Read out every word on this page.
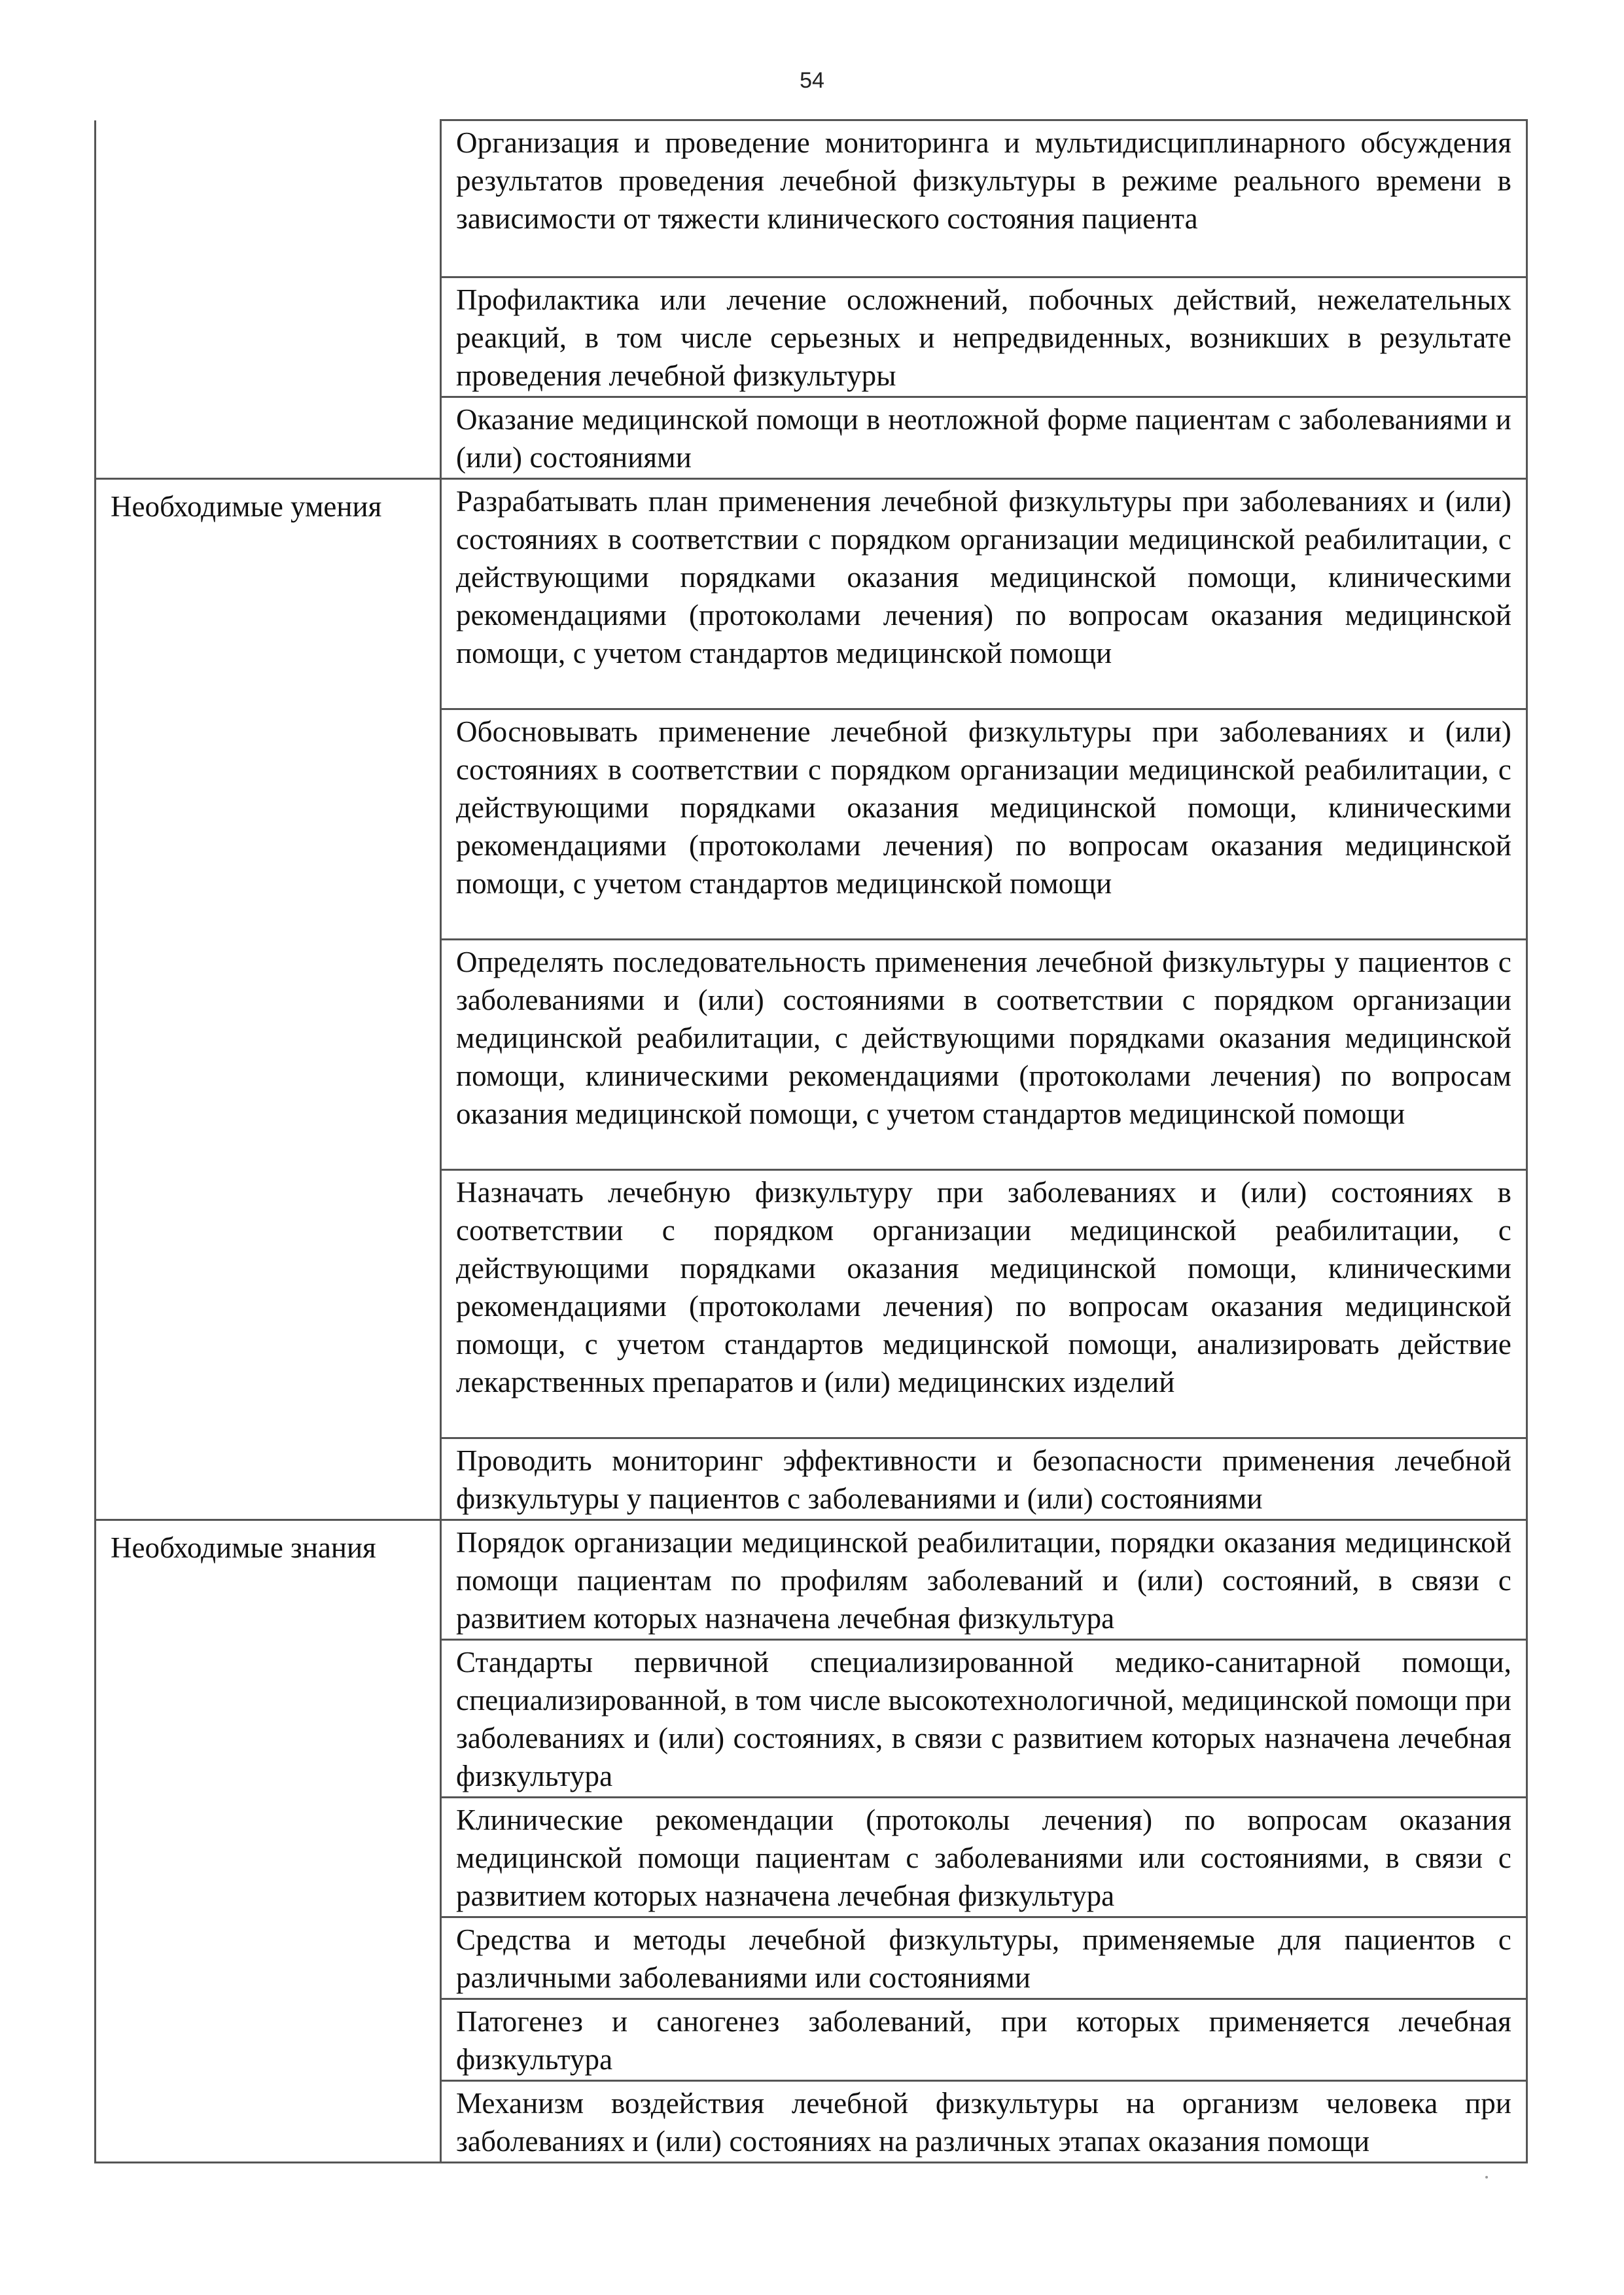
54

	Организация и проведение мониторинга и мультидисциплинарного обсуждения результатов проведения лечебной физкультуры в режиме реального времени в зависимости от тяжести клинического состояния пациента

	Профилактика или лечение осложнений, побочных действий, нежелательных реакций, в том числе серьезных и непредвиденных, возникших в результате проведения лечебной физкультуры

	Оказание медицинской помощи в неотложной форме пациентам с заболеваниями и (или) состояниями

Необходимые умения	Разрабатывать план применения лечебной физкультуры при заболеваниях и (или) состояниях в соответствии с порядком организации медицинской реабилитации, с действующими порядками оказания медицинской помощи, клиническими рекомендациями (протоколами лечения) по вопросам оказания медицинской помощи, с учетом стандартов медицинской помощи

	Обосновывать применение лечебной физкультуры при заболеваниях и (или) состояниях в соответствии с порядком организации медицинской реабилитации, с действующими порядками оказания медицинской помощи, клиническими рекомендациями (протоколами лечения) по вопросам оказания медицинской помощи, с учетом стандартов медицинской помощи

	Определять последовательность применения лечебной физкультуры у пациентов с заболеваниями и (или) состояниями в соответствии с порядком организации медицинской реабилитации, с действующими порядками оказания медицинской помощи, клиническими рекомендациями (протоколами лечения) по вопросам оказания медицинской помощи, с учетом стандартов медицинской помощи

	Назначать лечебную физкультуру при заболеваниях и (или) состояниях в соответствии с порядком организации медицинской реабилитации, с действующими порядками оказания медицинской помощи, клиническими рекомендациями (протоколами лечения) по вопросам оказания медицинской помощи, с учетом стандартов медицинской помощи, анализировать действие лекарственных препаратов и (или) медицинских изделий

	Проводить мониторинг эффективности и безопасности применения лечебной физкультуры у пациентов с заболеваниями и (или) состояниями

Необходимые знания	Порядок организации медицинской реабилитации, порядки оказания медицинской помощи пациентам по профилям заболеваний и (или) состояний, в связи с развитием которых назначена лечебная физкультура

	Стандарты первичной специализированной медико-санитарной помощи, специализированной, в том числе высокотехнологичной, медицинской помощи при заболеваниях и (или) состояниях, в связи с развитием которых назначена лечебная физкультура

	Клинические рекомендации (протоколы лечения) по вопросам оказания медицинской помощи пациентам с заболеваниями или состояниями, в связи с развитием которых назначена лечебная физкультура

	Средства и методы лечебной физкультуры, применяемые для пациентов с различными заболеваниями или состояниями

	Патогенез и саногенез заболеваний, при которых применяется лечебная физкультура

	Механизм воздействия лечебной физкультуры на организм человека при заболеваниях и (или) состояниях на различных этапах оказания помощи
